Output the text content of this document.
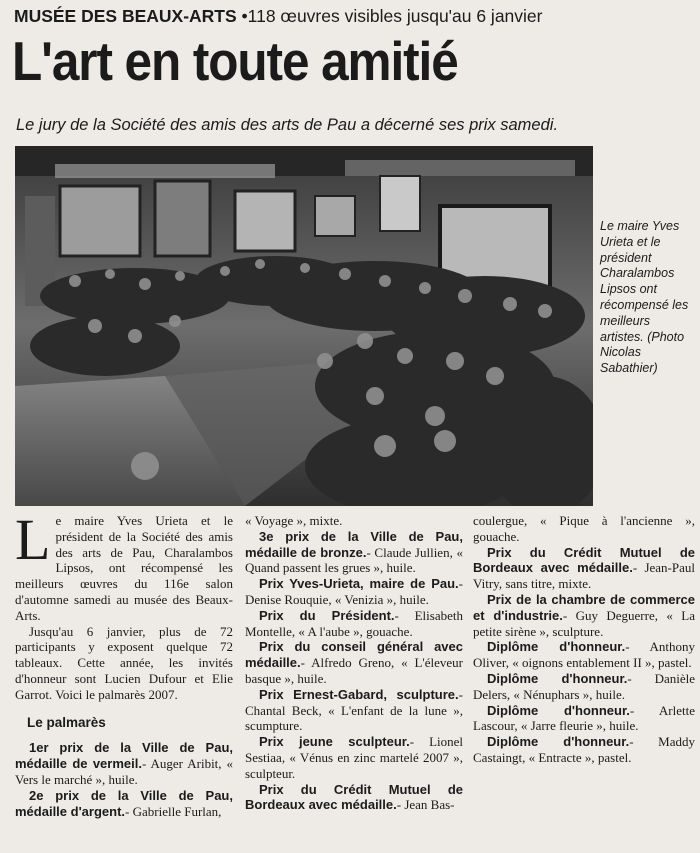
MUSÉE DES BEAUX-ARTS •118 œuvres visibles jusqu'au 6 janvier
L'art en toute amitié
Le jury de la Société des amis des arts de Pau a décerné ses prix samedi.
Le maire Yves Urieta et le président Charalambos Lipsos ont récompensé les meilleurs artistes. (Photo Nicolas Sabathier)

Le maire Yves Urieta et le président de la Société des amis des arts de Pau, Charalambos Lipsos, ont récompensé les meilleurs œuvres du 116e salon d'automne samedi au musée des Beaux-Arts.

Jusqu'au 6 janvier, plus de 72 participants y exposent quelque 72 tableaux. Cette année, les invités d'honneur sont Lucien Dufour et Elie Garrot. Voici le palmarès 2007.

Le palmarès

1er prix de la Ville de Pau, médaille de vermeil.- Auger Aribit, « Vers le marché », huile.

2e prix de la Ville de Pau, médaille d'argent.- Gabrielle Furlan,

« Voyage », mixte.

3e prix de la Ville de Pau, médaille de bronze.- Claude Jullien, « Quand passent les grues », huile.

Prix Yves-Urieta, maire de Pau.- Denise Rouquie, « Venizia », huile.

Prix du Président.- Elisabeth Montelle, « A l'aube », gouache.

Prix du conseil général avec médaille.- Alfredo Greno, « L'éleveur basque », huile.

Prix Ernest-Gabard, sculpture.- Chantal Beck, « L'enfant de la lune », scumpture.

Prix jeune sculpteur.- Lionel Sestiaa, « Vénus en zinc martelé 2007 », sculpteur.

Prix du Crédit Mutuel de Bordeaux avec médaille.- Jean Bas-

coulergue, « Pique à l'ancienne », gouache.

Prix du Crédit Mutuel de Bordeaux avec médaille.- Jean-Paul Vitry, sans titre, mixte.

Prix de la chambre de commerce et d'industrie.- Guy Deguerre, « La petite sirène », sculpture.

Diplôme d'honneur.- Anthony Oliver, « oignons entablement II », pastel.

Diplôme d'honneur.- Danièle Delers, « Nénuphars », huile.

Diplôme d'honneur.- Arlette Lascour, « Jarre fleurie », huile.

Diplôme d'honneur.- Maddy Castaingt, « Entracte », pastel.
